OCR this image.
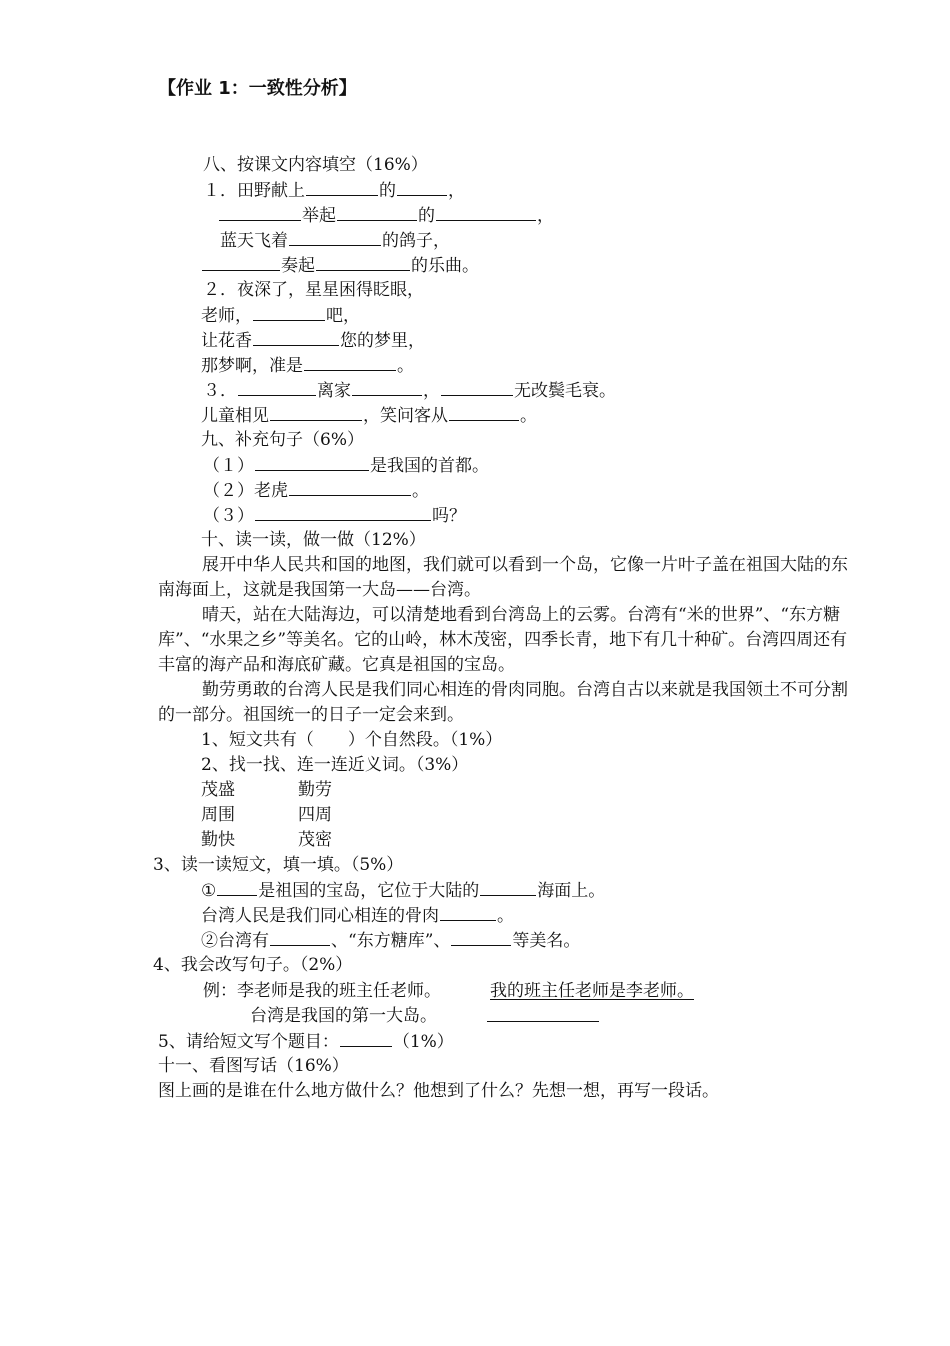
【作业 1：一致性分析】
八、按课文内容填空（16%）
１．田野献上	的	，
举起	的	，
蓝天飞着	的鸽子，
奏起	的乐曲。
２．夜深了，星星困得眨眼，
老师，	吧，
让花香	您的梦里，
那梦啊，准是	。
３．	离家	，	无改鬓毛衰。
儿童相见	，笑问客从	。
九、补充句子（6%）
（１）	是我国的首都。
（２）老虎	。
（３）	吗？
十、读一读，做一做（12%）
展开中华人民共和国的地图，我们就可以看到一个岛，它像一片叶子盖在祖国大陆的东南海面上，这就是我国第一大岛——台湾。
晴天，站在大陆海边，可以清楚地看到台湾岛上的云雾。台湾有“米的世界”、“东方糖库”、“水果之乡”等美名。它的山岭，林木茂密，四季长青，地下有几十种矿。台湾四周还有丰富的海产品和海底矿藏。它真是祖国的宝岛。
勤劳勇敢的台湾人民是我们同心相连的骨肉同胞。台湾自古以来就是我国领土不可分割的一部分。祖国统一的日子一定会来到。
1、短文共有（　　）个自然段。（1%）
2、找一找、连一连近义词。（3%）
茂盛	勤劳
周围	四周
勤快	茂密
3、读一读短文，填一填。（5%）
① 是祖国的宝岛，它位于大陆的	海面上。
台湾人民是我们同心相连的骨肉	。
②台湾有	、“东方糖库”、	等美名。
4、我会改写句子。（2%）
例：李老师是我的班主任老师。	我的班主任老师是李老师。
台湾是我国的第一大岛。
5、请给短文写个题目：	（1%）
十一、看图写话（16%）
图上画的是谁在什么地方做什么？他想到了什么？先想一想，再写一段话。
